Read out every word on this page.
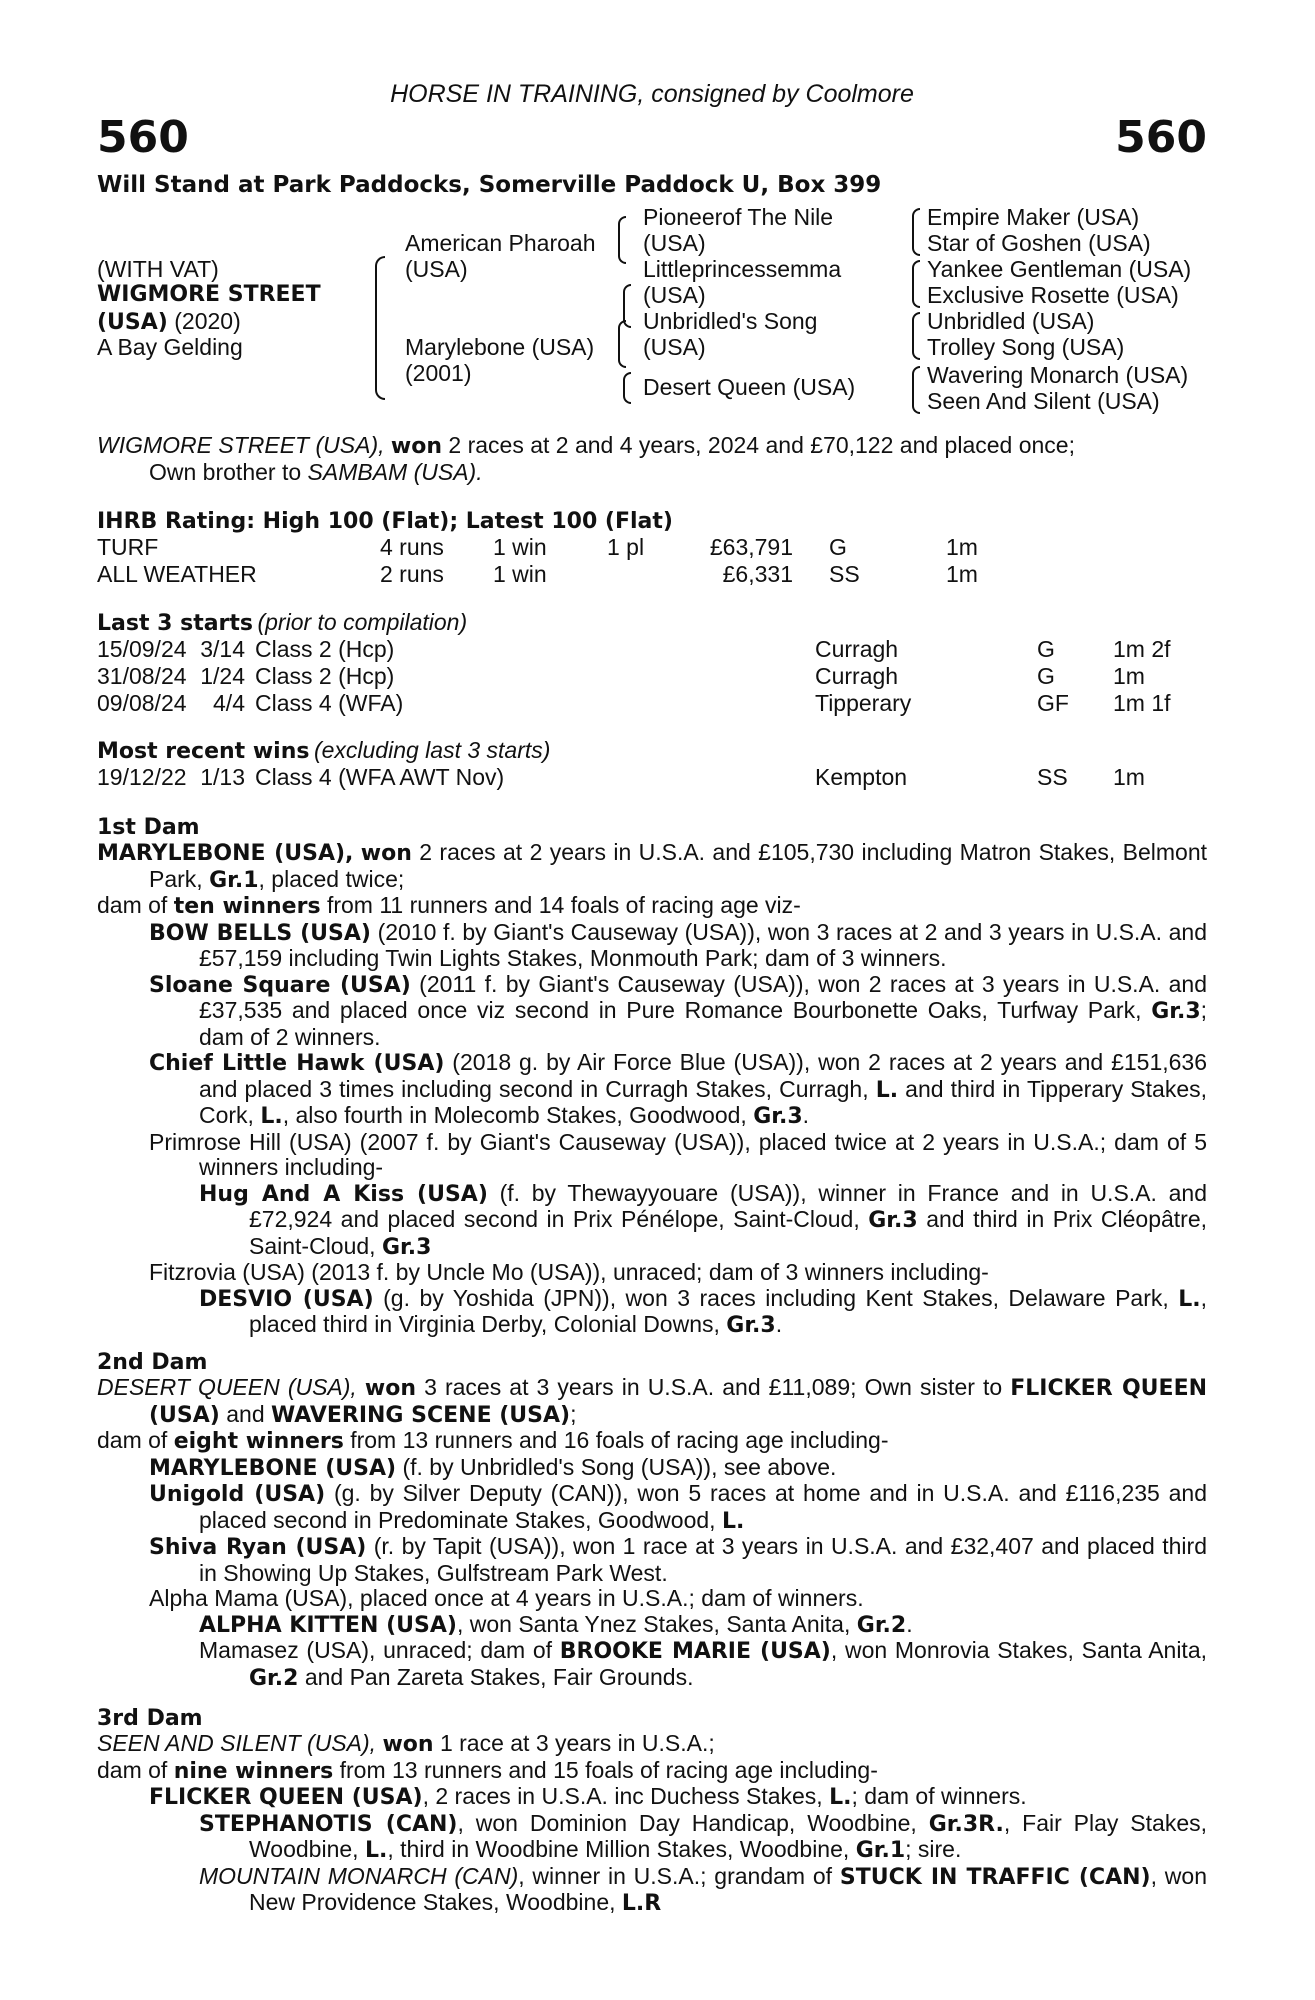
HORSE IN TRAINING, consigned by Coolmore
560	560
Will Stand at Park Paddocks, Somerville Paddock U, Box 399
(WITH VAT)
WIGMORE STREET
(USA) (2020)
A Bay Gelding
American Pharoah
(USA)
Marylebone (USA)
(2001)
Pioneerof The Nile
(USA)
Littleprincessemma
(USA)
Unbridled's Song
(USA)
Desert Queen (USA)
Empire Maker (USA)
Star of Goshen (USA)
Yankee Gentleman (USA)
Exclusive Rosette (USA)
Unbridled (USA)
Trolley Song (USA)
Wavering Monarch (USA)
Seen And Silent (USA)

WIGMORE STREET (USA), won 2 races at 2 and 4 years, 2024 and £70,122 and placed once;
Own brother to SAMBAM (USA).

IHRB Rating: High 100 (Flat); Latest 100 (Flat)
TURF	4 runs	1 win	1 pl	£63,791		G	1m
ALL WEATHER	2 runs	1 win		£6,331		SS	1m
Last 3 starts (prior to compilation)
15/09/24	3/14		Class 2 (Hcp)	Curragh	G	1m 2f
31/08/24	1/24		Class 2 (Hcp)	Curragh	G	1m
09/08/24	4/4		Class 4 (WFA)	Tipperary	GF	1m 1f
Most recent wins (excluding last 3 starts)
19/12/22	1/13		Class 4 (WFA AWT Nov)	Kempton	SS	1m
1st Dam

MARYLEBONE (USA), won 2 races at 2 years in U.S.A. and £105,730 including Matron Stakes, Belmont Park, Gr.1, placed twice;

dam of ten winners from 11 runners and 14 foals of racing age viz-

BOW BELLS (USA) (2010 f. by Giant's Causeway (USA)), won 3 races at 2 and 3 years in U.S.A. and £57,159 including Twin Lights Stakes, Monmouth Park; dam of 3 winners.

Sloane Square (USA) (2011 f. by Giant's Causeway (USA)), won 2 races at 3 years in U.S.A. and £37,535 and placed once viz second in Pure Romance Bourbonette Oaks, Turfway Park, Gr.3; dam of 2 winners.

Chief Little Hawk (USA) (2018 g. by Air Force Blue (USA)), won 2 races at 2 years and £151,636 and placed 3 times including second in Curragh Stakes, Curragh, L. and third in Tipperary Stakes, Cork, L., also fourth in Molecomb Stakes, Goodwood, Gr.3.

Primrose Hill (USA) (2007 f. by Giant's Causeway (USA)), placed twice at 2 years in U.S.A.; dam of 5 winners including-

Hug And A Kiss (USA) (f. by Thewayyouare (USA)), winner in France and in U.S.A. and £72,924 and placed second in Prix Pénélope, Saint-Cloud, Gr.3 and third in Prix Cléopâtre, Saint-Cloud, Gr.3

Fitzrovia (USA) (2013 f. by Uncle Mo (USA)), unraced; dam of 3 winners including-

DESVIO (USA) (g. by Yoshida (JPN)), won 3 races including Kent Stakes, Delaware Park, L., placed third in Virginia Derby, Colonial Downs, Gr.3.

2nd Dam

DESERT QUEEN (USA), won 3 races at 3 years in U.S.A. and £11,089; Own sister to FLICKER QUEEN (USA) and WAVERING SCENE (USA);

dam of eight winners from 13 runners and 16 foals of racing age including-

MARYLEBONE (USA) (f. by Unbridled's Song (USA)), see above.

Unigold (USA) (g. by Silver Deputy (CAN)), won 5 races at home and in U.S.A. and £116,235 and placed second in Predominate Stakes, Goodwood, L.

Shiva Ryan (USA) (r. by Tapit (USA)), won 1 race at 3 years in U.S.A. and £32,407 and placed third in Showing Up Stakes, Gulfstream Park West.

Alpha Mama (USA), placed once at 4 years in U.S.A.; dam of winners.

ALPHA KITTEN (USA), won Santa Ynez Stakes, Santa Anita, Gr.2.

Mamasez (USA), unraced; dam of BROOKE MARIE (USA), won Monrovia Stakes, Santa Anita, Gr.2 and Pan Zareta Stakes, Fair Grounds.

3rd Dam

SEEN AND SILENT (USA), won 1 race at 3 years in U.S.A.;

dam of nine winners from 13 runners and 15 foals of racing age including-

FLICKER QUEEN (USA), 2 races in U.S.A. inc Duchess Stakes, L.; dam of winners.

STEPHANOTIS (CAN), won Dominion Day Handicap, Woodbine, Gr.3R., Fair Play Stakes, Woodbine, L., third in Woodbine Million Stakes, Woodbine, Gr.1; sire.

MOUNTAIN MONARCH (CAN), winner in U.S.A.; grandam of STUCK IN TRAFFIC (CAN), won New Providence Stakes, Woodbine, L.R
